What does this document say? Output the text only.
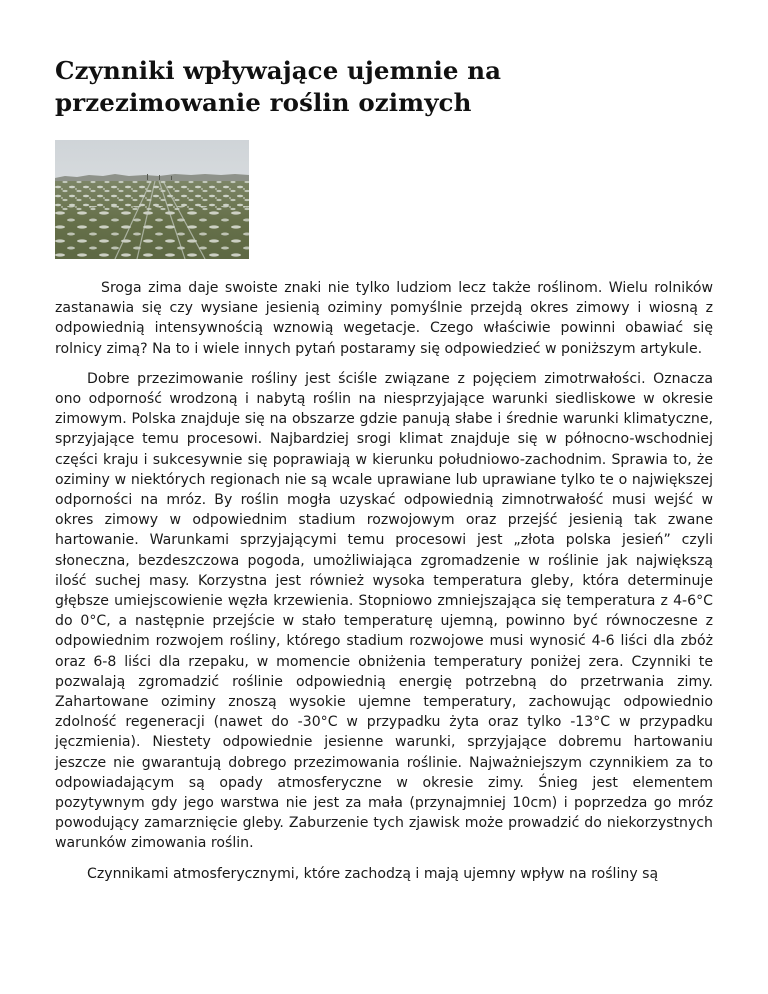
Czynniki wpływające ujemnie na przezimowanie roślin ozimych

Sroga zima daje swoiste znaki nie tylko ludziom lecz także roślinom. Wielu rolników zastanawia się czy wysiane jesienią oziminy pomyślnie przejdą okres zimowy i wiosną z odpowiednią intensywnością wznowią wegetacje. Czego właściwie powinni obawiać się rolnicy zimą? Na to i wiele innych pytań postaramy się odpowiedzieć w poniższym artykule.

Dobre przezimowanie rośliny jest ściśle związane z pojęciem zimotrwałości. Oznacza ono odporność wrodzoną i nabytą roślin na niesprzyjające warunki siedliskowe w okresie zimowym. Polska znajduje się na obszarze gdzie panują słabe i średnie warunki klimatyczne, sprzyjające temu procesowi. Najbardziej srogi klimat znajduje się w północno-wschodniej części kraju i sukcesywnie się poprawiają w kierunku południowo-zachodnim. Sprawia to, że oziminy w niektórych regionach nie są wcale uprawiane lub uprawiane tylko te o największej odporności na mróz. By roślin mogła uzyskać odpowiednią zimnotrwałość musi wejść w okres zimowy w odpowiednim stadium rozwojowym oraz przejść jesienią tak zwane hartowanie. Warunkami sprzyjającymi temu procesowi jest „złota polska jesień” czyli słoneczna, bezdeszczowa pogoda, umożliwiająca zgromadzenie w roślinie jak największą ilość suchej masy. Korzystna jest również wysoka temperatura gleby, która determinuje głębsze umiejscowienie węzła krzewienia. Stopniowo zmniejszająca się temperatura z 4-6°C do 0°C, a następnie przejście w stało temperaturę ujemną, powinno być równoczesne z odpowiednim rozwojem rośliny, którego stadium rozwojowe musi wynosić 4-6 liści dla zbóż oraz 6-8 liści dla rzepaku, w momencie obniżenia temperatury poniżej zera. Czynniki te pozwalają zgromadzić roślinie odpowiednią energię potrzebną do przetrwania zimy. Zahartowane oziminy znoszą wysokie ujemne temperatury, zachowując odpowiednio zdolność regeneracji (nawet do -30°C w przypadku żyta oraz tylko -13°C w przypadku jęczmienia). Niestety odpowiednie jesienne warunki, sprzyjające dobremu hartowaniu jeszcze nie gwarantują dobrego przezimowania roślinie. Najważniejszym czynnikiem za to odpowiadającym są opady atmosferyczne w okresie zimy. Śnieg jest elementem pozytywnym gdy jego warstwa nie jest za mała (przynajmniej 10cm) i poprzedza go mróz powodujący zamarznięcie gleby. Zaburzenie tych zjawisk może prowadzić do niekorzystnych warunków zimowania roślin.

Czynnikami atmosferycznymi, które zachodzą i mają ujemny wpływ na rośliny są
